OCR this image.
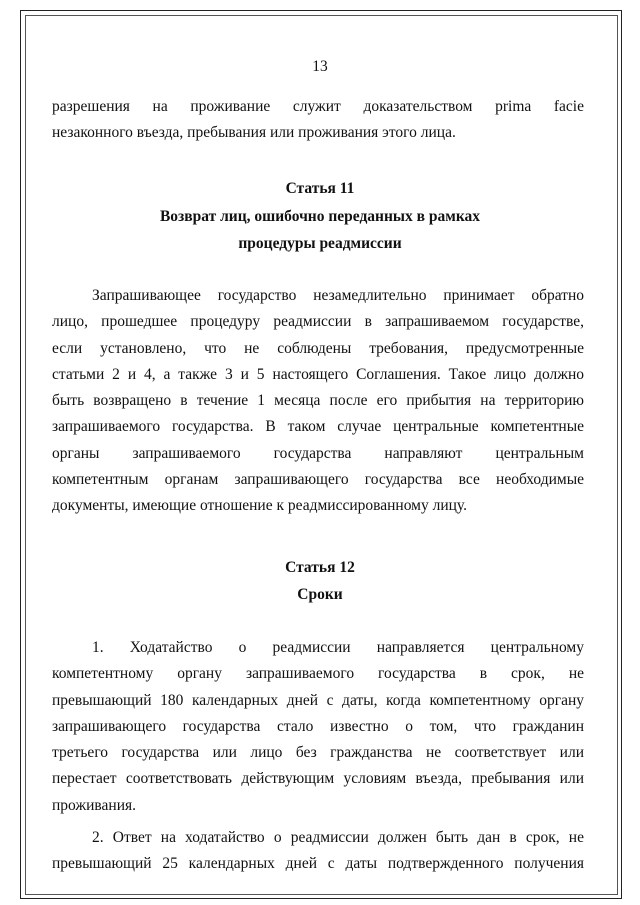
13
разрешения на проживание служит доказательством prima facie
незаконного въезда, пребывания или проживания этого лица.
Статья 11
Возврат лиц, ошибочно переданных в рамках
процедуры реадмиссии
Запрашивающее государство незамедлительно принимает обратно
лицо, прошедшее процедуру реадмиссии в запрашиваемом государстве,
если установлено, что не соблюдены требования, предусмотренные
статьми 2 и 4, а также 3 и 5 настоящего Соглашения. Такое лицо должно
быть возвращено в течение 1 месяца после его прибытия на территорию
запрашиваемого государства. В таком случае центральные компетентные
органы запрашиваемого государства направляют центральным
компетентным органам запрашивающего государства все необходимые
документы, имеющие отношение к реадмиссированному лицу.
Статья 12
Сроки
1. Ходатайство о реадмиссии направляется центральному
компетентному органу запрашиваемого государства в срок, не
превышающий 180 календарных дней с даты, когда компетентному органу
запрашивающего государства стало известно о том, что гражданин
третьего государства или лицо без гражданства не соответствует или
перестает соответствовать действующим условиям въезда, пребывания или
проживания.
2. Ответ на ходатайство о реадмиссии должен быть дан в срок, не
превышающий 25 календарных дней с даты подтвержденного получения
